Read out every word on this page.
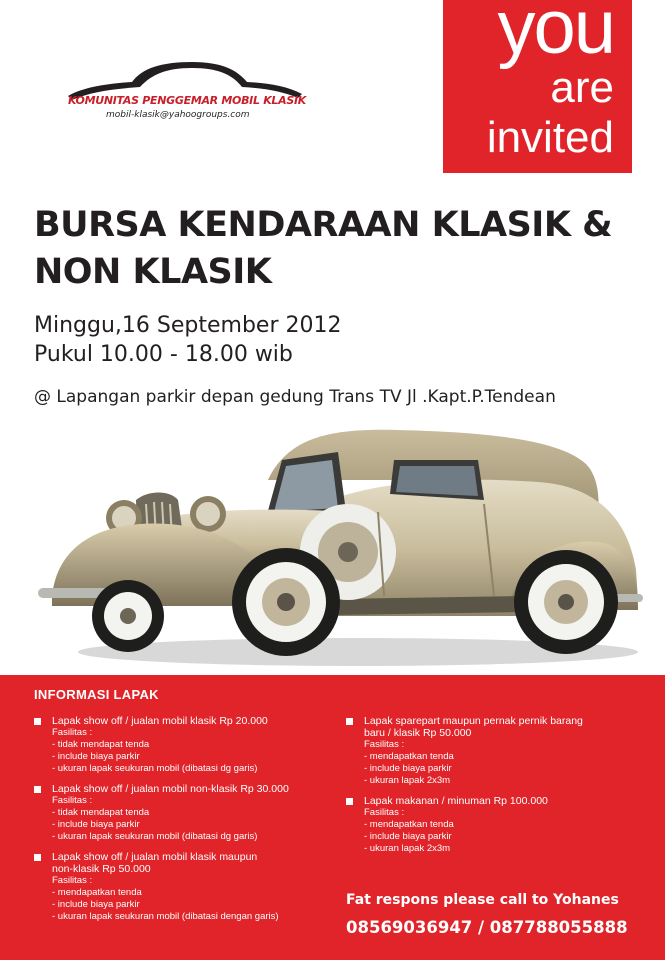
KOMUNITAS PENGGEMAR MOBIL KLASIK
mobil-klasik@yahoogroups.com
you
are
invited
BURSA KENDARAAN KLASIK &
NON KLASIK
Minggu,16 September 2012
Pukul 10.00 - 18.00 wib
@ Lapangan parkir depan gedung Trans TV Jl .Kapt.P.Tendean
INFORMASI LAPAK
Lapak show off / jualan mobil klasik Rp 20.000
Fasilitas :
- tidak mendapat tenda
- include biaya parkir
- ukuran lapak seukuran mobil (dibatasi dg garis)
Lapak show off / jualan mobil non-klasik Rp 30.000
Fasilitas :
- tidak mendapat tenda
- include biaya parkir
- ukuran lapak seukuran mobil (dibatasi dg garis)
Lapak show off / jualan mobil klasik maupun
non-klasik Rp 50.000
Fasilitas :
- mendapatkan tenda
- include biaya parkir
- ukuran lapak seukuran mobil (dibatasi dengan garis)
Lapak sparepart maupun pernak pernik barang
baru / klasik Rp 50.000
Fasilitas :
- mendapatkan tenda
- include biaya parkir
- ukuran lapak 2x3m
Lapak makanan / minuman Rp 100.000
Fasilitas :
- mendapatkan tenda
- include biaya parkir
- ukuran lapak 2x3m
Fat respons please call to Yohanes
08569036947 / 087788055888
